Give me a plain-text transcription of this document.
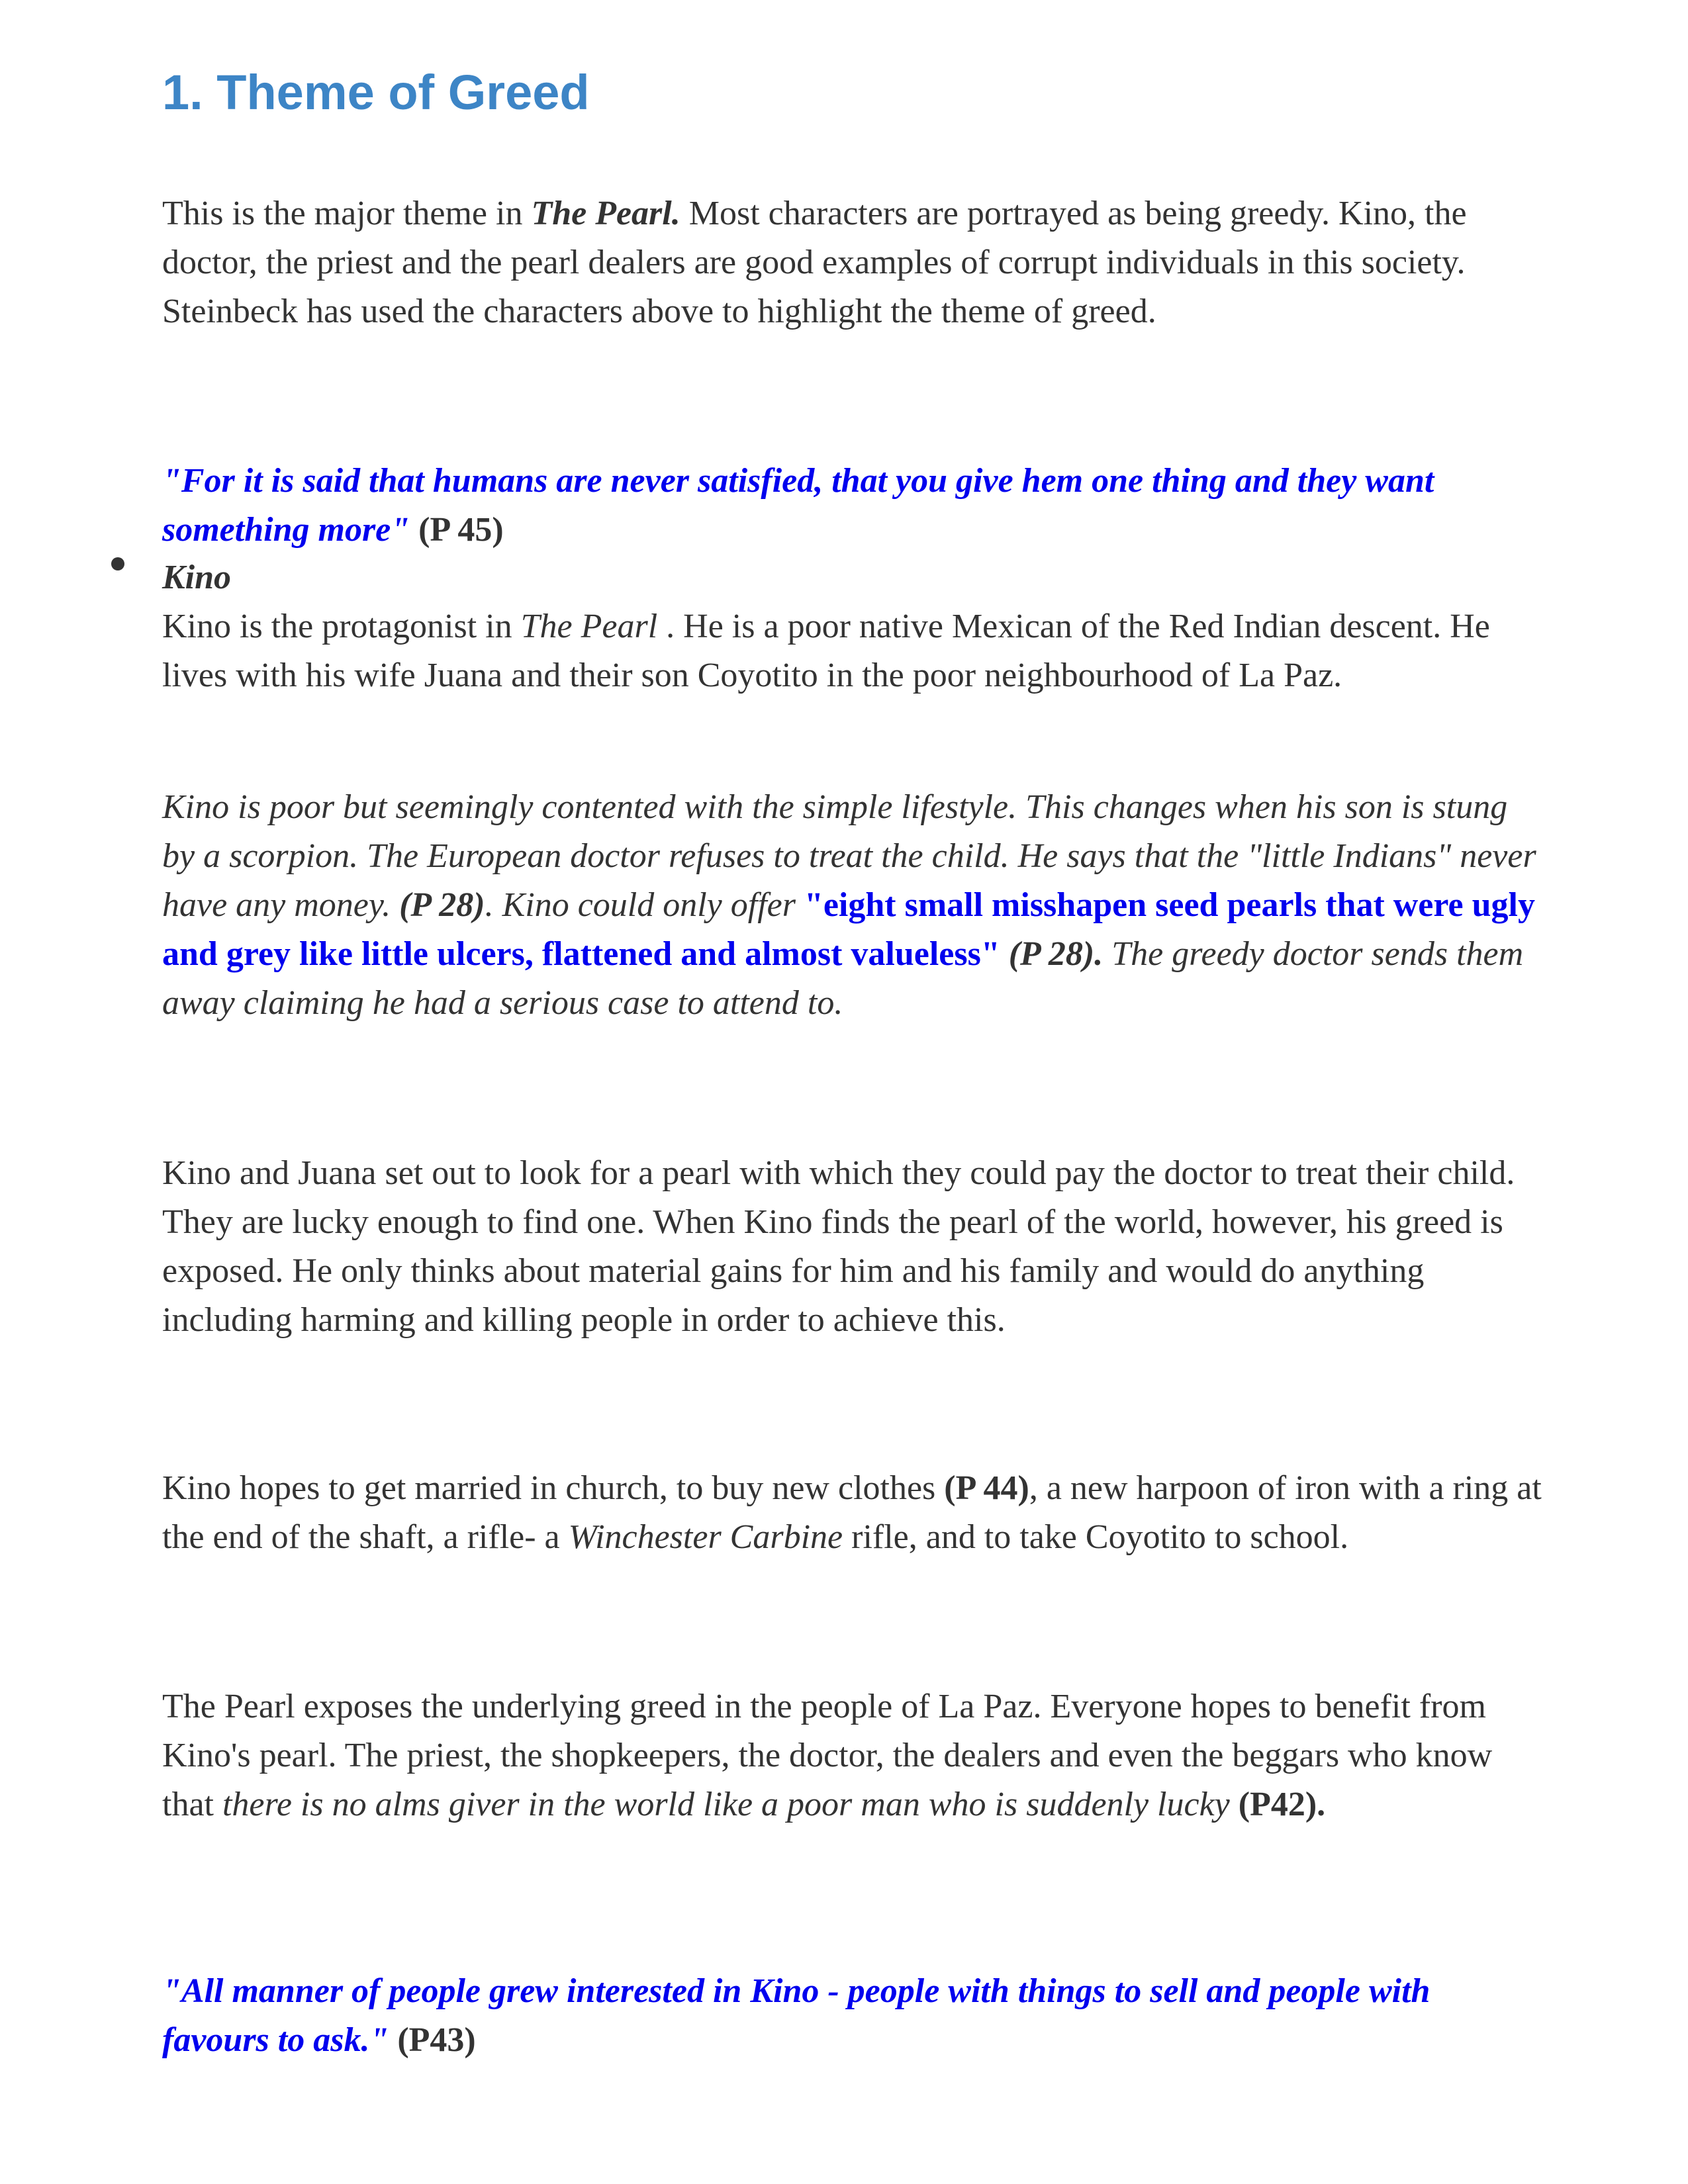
1. Theme of Greed

This is the major theme in The Pearl. Most characters are portrayed as being greedy. Kino, the doctor, the priest and the pearl dealers are good examples of corrupt individuals in this society. Steinbeck has used the characters above to highlight the theme of greed.

"For it is said that humans are never satisfied, that you give hem one thing and they want something more" (P 45)

Kino
Kino is the protagonist in The Pearl . He is a poor native Mexican of the Red Indian descent. He lives with his wife Juana and their son Coyotito in the poor neighbourhood of La Paz.

Kino is poor but seemingly contented with the simple lifestyle. This changes when his son is stung by a scorpion. The European doctor refuses to treat the child. He says that the "little Indians" never have any money. (P 28). Kino could only offer "eight small misshapen seed pearls that were ugly and grey like little ulcers, flattened and almost valueless" (P 28). The greedy doctor sends them away claiming he had a serious case to attend to.

Kino and Juana set out to look for a pearl with which they could pay the doctor to treat their child. They are lucky enough to find one. When Kino finds the pearl of the world, however, his greed is exposed. He only thinks about material gains for him and his family and would do anything including harming and killing people in order to achieve this.

Kino hopes to get married in church, to buy new clothes (P 44), a new harpoon of iron with a ring at the end of the shaft, a rifle- a Winchester Carbine rifle, and to take Coyotito to school.

The Pearl exposes the underlying greed in the people of La Paz. Everyone hopes to benefit from Kino's pearl. The priest, the shopkeepers, the doctor, the dealers and even the beggars who know that there is no alms giver in the world like a poor man who is suddenly lucky (P42).

"All manner of people grew interested in Kino - people with things to sell and people with favours to ask." (P43)
